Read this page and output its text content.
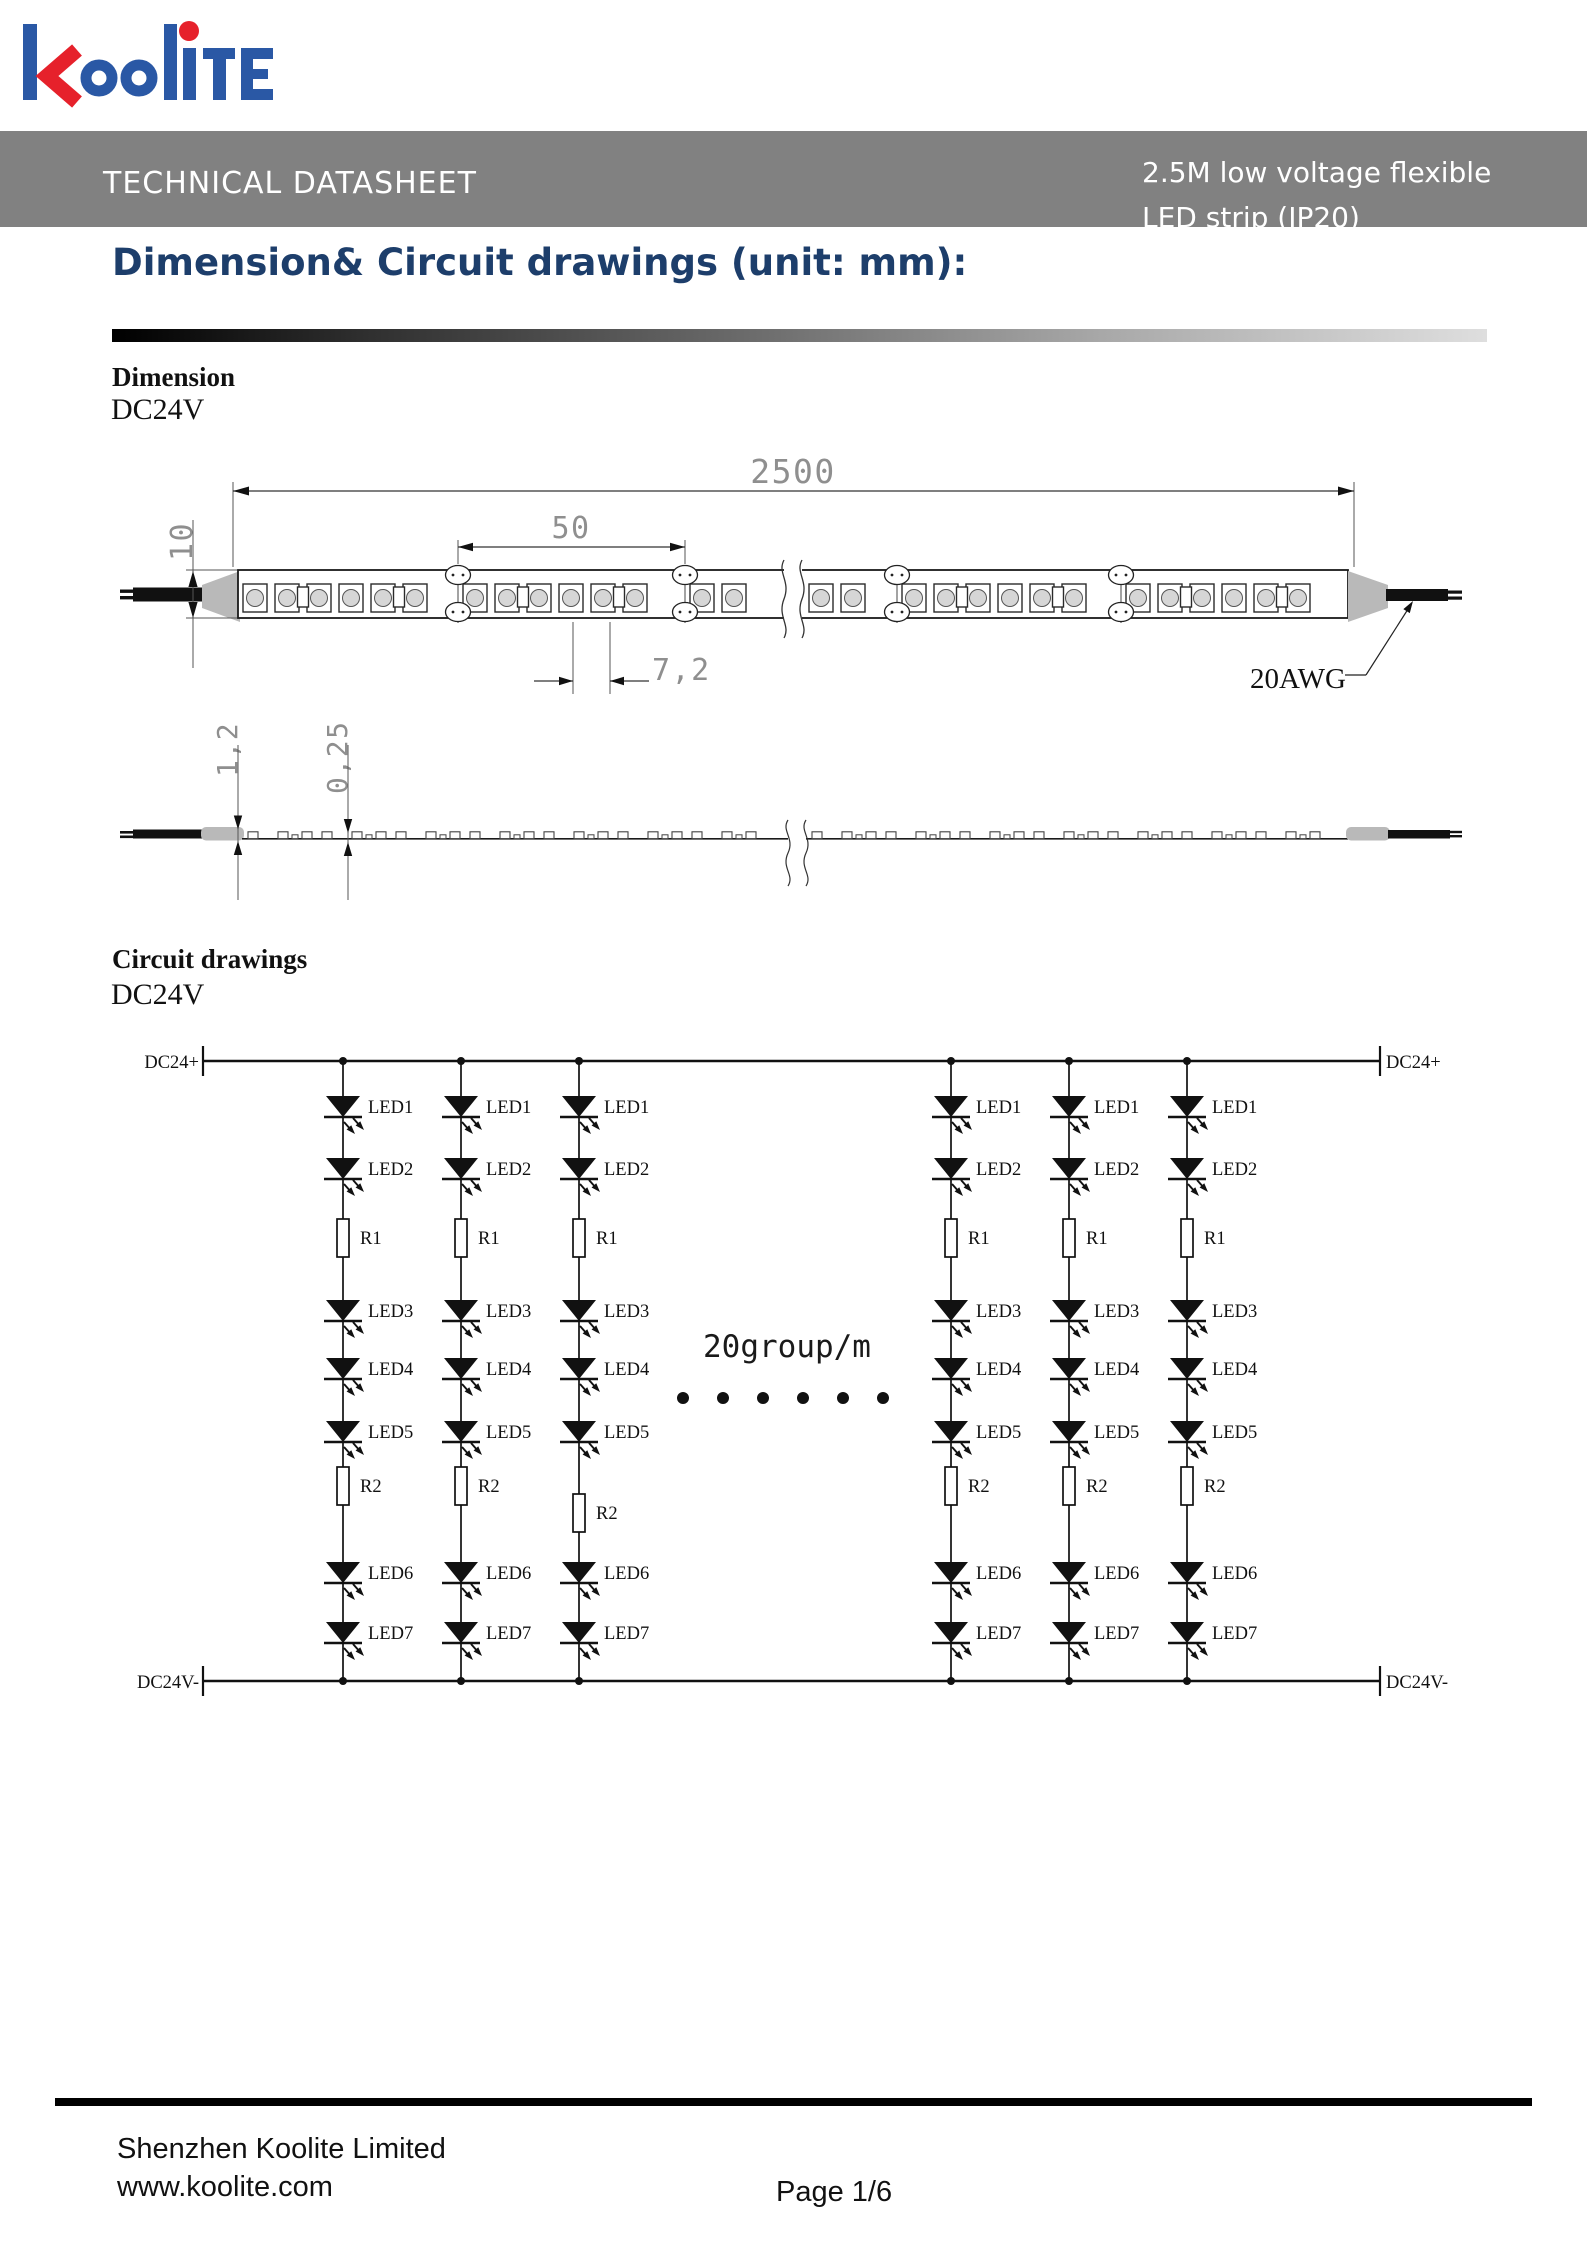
TECHNICAL DATASHEET	2.5M low voltage flexible
LED strip (IP20)
Dimension& Circuit drawings (unit: mm):
Dimension
DC24V
Circuit drawings
DC24V
2500
50
10
7,2	20AWG
1,2	0,25
DC24+	DC24+
DC24V-	DC24V-
20group/m
LED1
LED2
R1
LED3
LED4
LED5
R2
LED6
LED7
LED1
LED2
R1
LED3
LED4
LED5
R2
LED6
LED7
LED1
LED2
R1
LED3
LED4
LED5
R2
LED6
LED7
LED1
LED2
R1
LED3
LED4
LED5
R2
LED6
LED7
LED1
LED2
R1
LED3
LED4
LED5
R2
LED6
LED7
LED1
LED2
R1
LED3
LED4
LED5
R2
LED6
LED7
Shenzhen Koolite Limited
www.koolite.com	Page 1/6
